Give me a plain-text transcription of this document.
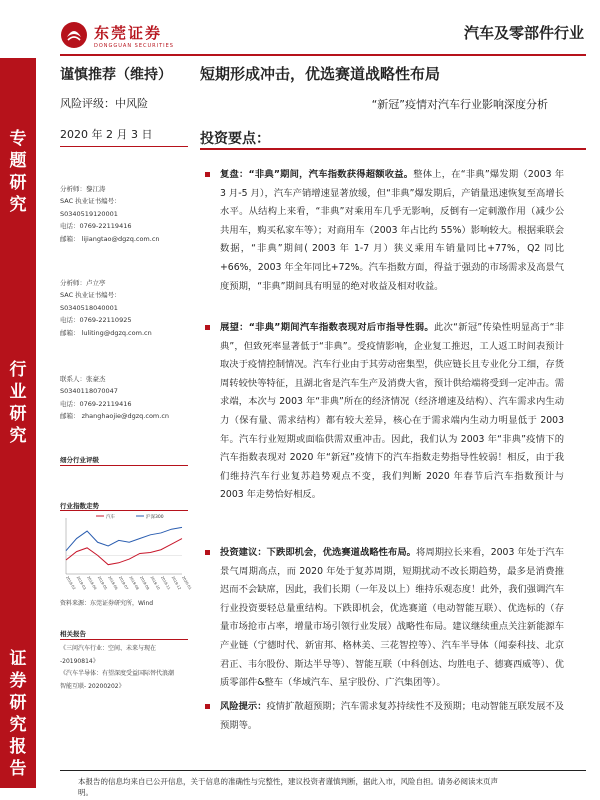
东莞证券
DONGGUAN SECURITIES
汽车及零部件行业
专
题
研
究
行
业
研
究
证
券
研
究
报
告
谨慎推荐（维持）
风险评级：中风险
2020 年 2 月 3 日
分析师：黎江涛
SAC 执业证书编号：
S0340519120001
电话：0769-22119416
邮箱： lijiangtao@dgzq.com.cn
分析师：卢立亭
SAC 执业证书编号：
S0340518040001
电话：0769-22110925
邮箱： luliting@dgzq.com.cn
联系人：张豪杰
S0340118070047
电话：0769-22119416
邮箱： zhanghaojie@dgzq.com.cn
细分行业评级
行业指数走势
汽车	沪深300
2019-02 2019-03 2019-04 2019-05 2019-06 2019-07 2019-08 2019-09 2019-10 2019-11 2019-12 2020-01
资料来源：东莞证券研究所，Wind
相关报告
《三问汽车行业：空间、未来与现在
-20190814》
《汽车半导体：有望深度受益国际替代浪潮
智能互联- 20200202》
短期形成冲击，优选赛道战略性布局
“新冠”疫情对汽车行业影响深度分析
投资要点：
复盘：“非典”期间，汽车指数获得超额收益。整体上，在“非典”爆发期（2003 年 3 月-5 月），汽车产销增速显著放缓，但“非典”爆发期后，产销量迅速恢复至高增长水平。从结构上来看，“非典”对乘用车几乎无影响，反倒有一定刺激作用（减少公共用车，购买私家车等）；对商用车（2003 年占比约 55%）影响较大。根据乘联会数据，“非典”期间( 2003 年 1-7 月）狭义乘用车销量同比+77%，Q2 同比+66%，2003 年全年同比+72%。汽车指数方面，得益于强劲的市场需求及高景气度预期，“非典”期间具有明显的绝对收益及相对收益。
展望：“非典”期间汽车指数表现对后市指导性弱。此次“新冠”传染性明显高于“非典”，但致死率显著低于“非典”。受疫情影响，企业复工推迟，工人返工时间表预计取决于疫情控制情况。汽车行业由于其劳动密集型，供应链长且专业化分工细，存货周转较快等特征，且湖北省是汽车生产及消费大省，预计供给端将受到一定冲击。需求端，本次与 2003 年“非典”所在的经济情况（经济增速及结构）、汽车需求内生动力（保有量、需求结构）都有较大差异，核心在于需求端内生动力明显低于 2003 年。汽车行业短期或面临供需双重冲击。因此，我们认为 2003 年“非典”疫情下的汽车指数表现对 2020 年“新冠”疫情下的汽车指数走势指导性较弱！相反，由于我们维持汽车行业复苏趋势观点不变，我们判断 2020 年春节后汽车指数预计与 2003 年走势恰好相反。
投资建议：下跌即机会，优选赛道战略性布局。将周期拉长来看，2003 年处于汽车景气周期高点，而 2020 年处于复苏周期，短期扰动不改长期趋势，最多是消费推迟而不会缺席，因此，我们长期（一年及以上）维持乐观态度！此外，我们强调汽车行业投资要轻总量重结构。下跌即机会，优选赛道（电动智能互联）、优选标的（存量市场抢市占率，增量市场引领行业发展）战略性布局。建议继续重点关注新能源车产业链（宁德时代、新宙邦、格林美、三花智控等）、汽车半导体（闻泰科技、北京君正、韦尔股份、斯达半导等）、智能互联（中科创达、均胜电子、德赛西威等）、优质零部件&整车（华域汽车、星宇股份、广汽集团等）。
风险提示：疫情扩散超预期；汽车需求复苏持续性不及预期；电动智能互联发展不及预期等。
本报告的信息均来自已公开信息，关于信息的准确性与完整性，建议投资者谨慎判断，据此入市，风险自担。请务必阅读末页声明。
